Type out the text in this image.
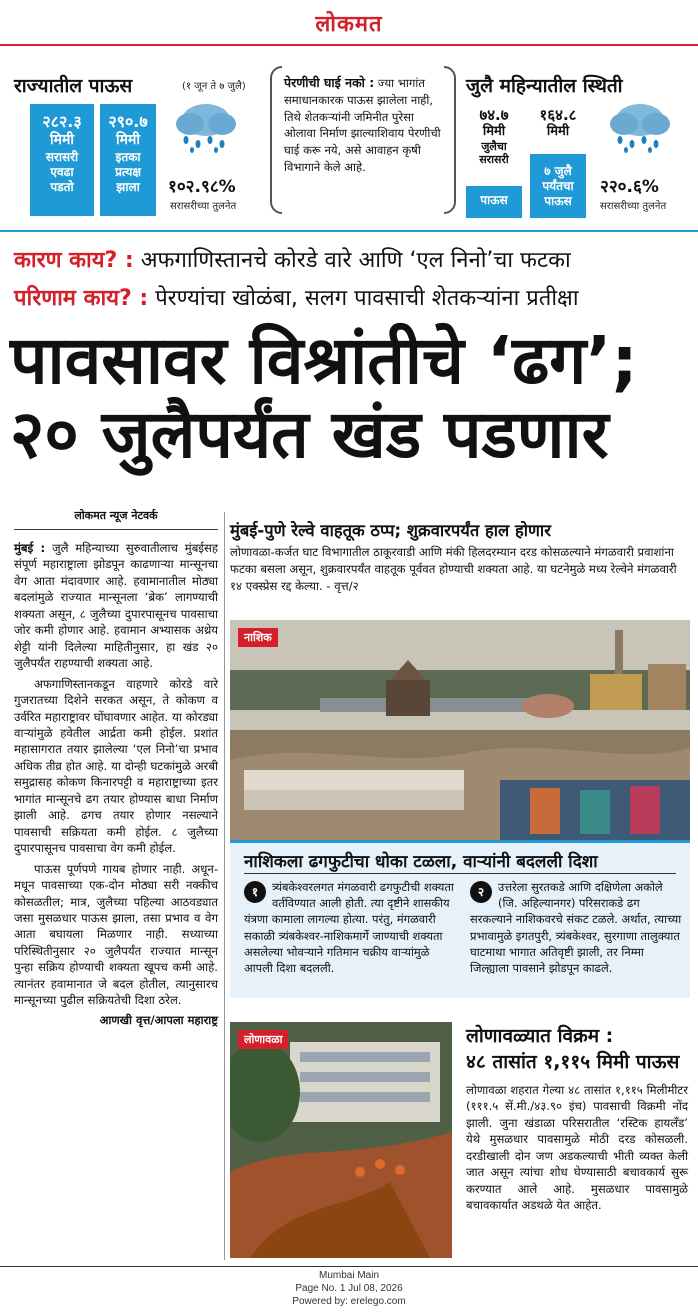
लोकमत
राज्यातील पाऊस	(१ जून ते ७ जुलै)
२८२.३
मिमी
सरासरी
एवढा
पडतो
२९०.७
मिमी
इतका
प्रत्यक्ष
झाला	१०२.९८%
सरासरीच्या तुलनेत
पेरणीची घाई नको : ज्या भागांत समाधानकारक पाऊस झालेला नाही, तिथे शेतकऱ्यांनी जमिनीत पुरेसा ओलावा निर्माण झाल्याशिवाय पेरणीची घाई करू नये, असे आवाहन कृषी विभागाने केले आहे.
जुलै महिन्यातील स्थिती
७४.७
मिमी
जुलैचा
सरासरी
पाऊस
१६४.८
मिमी
७ जुलै
पर्यंतचा
पाऊस
२२०.६%
सरासरीच्या तुलनेत
कारण काय? : अफगाणिस्तानचे कोरडे वारे आणि ‘एल निनो’चा फटका
परिणाम काय? : पेरण्यांचा खोळंबा, सलग पावसाची शेतकऱ्यांना प्रतीक्षा
पावसावर विश्रांतीचे ‘ढग’;
२० जुलैपर्यंत खंड पडणार
लोकमत न्यूज नेटवर्क

मुंबई : जुलै महिन्याच्या सुरुवातीलाच मुंबईसह संपूर्ण महाराष्ट्राला झोडपून काढणाऱ्या मान्सूनचा वेग आता मंदावणार आहे. हवामानातील मोठ्या बदलांमुळे राज्यात मान्सूनला ‘ब्रेक’ लागण्याची शक्यता असून, ८ जुलैच्या दुपारपासूनच पावसाचा जोर कमी होणार आहे. हवामान अभ्यासक अथ्रेय शेट्टी यांनी दिलेल्या माहितीनुसार, हा खंड २० जुलैपर्यंत राहण्याची शक्यता आहे.

अफगाणिस्तानकडून वाहणारे कोरडे वारे गुजरातच्या दिशेने सरकत असून, ते कोकण व उर्वरित महाराष्ट्रावर घोंघावणार आहेत. या कोरड्या वाऱ्यांमुळे हवेतील आर्द्रता कमी होईल. प्रशांत महासागरात तयार झालेल्या ‘एल निनो’चा प्रभाव अधिक तीव्र होत आहे. या दोन्ही घटकांमुळे अरबी समुद्रासह कोकण किनारपट्टी व महाराष्ट्राच्या इतर भागांत मान्सूनचे ढग तयार होण्यास बाधा निर्माण झाली आहे. ढगच तयार होणार नसल्याने पावसाची सक्रियता कमी होईल. ८ जुलैच्या दुपारपासूनच पावसाचा वेग कमी होईल.

पाऊस पूर्णपणे गायब होणार नाही. अधून-मधून पावसाच्या एक-दोन मोठ्या सरी नक्कीच कोसळतील; मात्र, जुलैच्या पहिल्या आठवड्यात जसा मुसळधार पाऊस झाला, तसा प्रभाव व वेग आता बघायला मिळणार नाही. सध्याच्या परिस्थितीनुसार २० जुलैपर्यंत राज्यात मान्सून पुन्हा सक्रिय होण्याची शक्यता खूपच कमी आहे. त्यानंतर हवामानात जे बदल होतील, त्यानुसारच मान्सूनच्या पुढील सक्रियतेची दिशा ठरेल.

आणखी वृत्त/आपला महाराष्ट्र
मुंबई-पुणे रेल्वे वाहतूक ठप्प; शुक्रवारपर्यंत हाल होणार
लोणावळा-कर्जत घाट विभागातील ठाकूरवाडी आणि मंकी हिलदरम्यान दरड कोसळल्याने मंगळवारी प्रवाशांना फटका बसला असून, शुक्रवारपर्यंत वाहतूक पूर्ववत होण्याची शक्यता आहे. या घटनेमुळे मध्य रेल्वेने मंगळवारी १४ एक्स्प्रेस रद्द केल्या. - वृत्त/२
नाशिक
नाशिकला ढगफुटीचा धोका टळला, वाऱ्यांनी बदलली दिशा
१	त्र्यंबकेश्वरलगत मंगळवारी ढगफुटीची शक्यता वर्तविण्यात आली होती. त्या दृष्टीने शासकीय यंत्रणा कामाला लागल्या होत्या. परंतु, मंगळवारी सकाळी त्र्यंबकेश्वर-नाशिकमार्गे जाण्याची शक्यता असलेल्या भोवऱ्याने गतिमान चक्रीय वाऱ्यांमुळे आपली दिशा बदलली.
२	उत्तरेला सुरतकडे आणि दक्षिणेला अकोले (जि. अहिल्यानगर) परिसराकडे ढग सरकल्याने नाशिकवरचे संकट टळले. अर्थात, त्याच्या प्रभावामुळे इगतपुरी, त्र्यंबकेश्वर, सुरगाणा तालुक्यात घाटमाथा भागात अतिवृष्टी झाली, तर निम्मा जिल्ह्याला पावसाने झोडपून काढले.
लोणावळा	लोणावळ्यात विक्रम :
४८ तासांत १,११५ मिमी पाऊस
लोणावळा शहरात गेल्या ४८ तासांत १,११५ मिलीमीटर (१११.५ सें.मी./४३.९० इंच) पावसाची विक्रमी नोंद झाली. जुना खंडाळा परिसरातील ‘रस्टिक हायलँड’ येथे मुसळधार पावसामुळे मोठी दरड कोसळली. दरडीखाली दोन जण अडकल्याची भीती व्यक्त केली जात असून त्यांचा शोध घेण्यासाठी बचावकार्य सुरू करण्यात आले आहे. मुसळधार पावसामुळे बचावकार्यात अडथळे येत आहेत.
Mumbai Main
Page No. 1 Jul 08, 2026
Powered by: erelego.com
